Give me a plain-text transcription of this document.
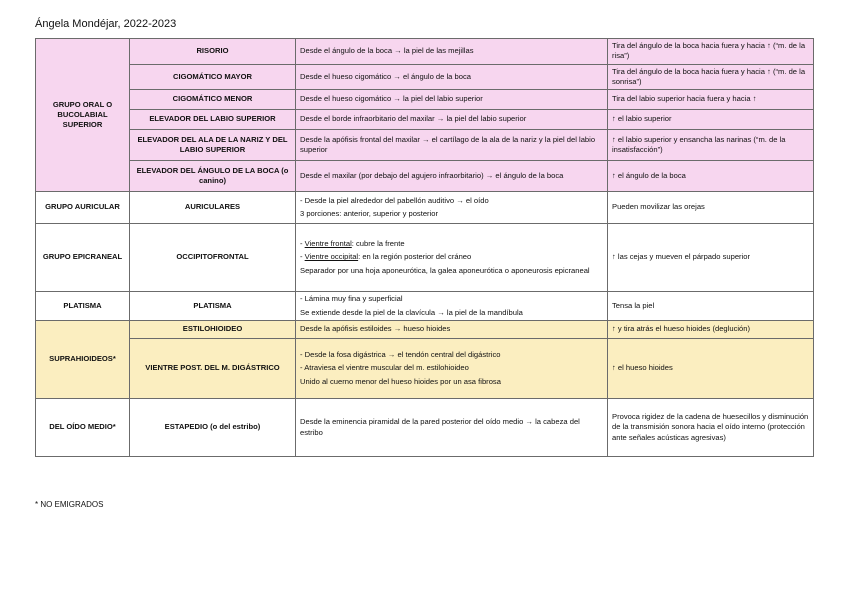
Ángela Mondéjar, 2022-2023
GRUPO ORAL O BUCOLABIAL SUPERIOR	RISORIO	Desde el ángulo de la boca → la piel de las mejillas	Tira del ángulo de la boca hacia fuera y hacia ↑ (“m. de la risa”)
	CIGOMÁTICO MAYOR	Desde el hueso cigomático → el ángulo de la boca	Tira del ángulo de la boca hacia fuera y hacia ↑ (“m. de la sonrisa”)
	CIGOMÁTICO MENOR	Desde el hueso cigomático → la piel del labio superior	Tira del labio superior hacia fuera y hacia ↑
	ELEVADOR DEL LABIO SUPERIOR	Desde el borde infraorbitario del maxilar → la piel del labio superior	↑ el labio superior
	ELEVADOR DEL ALA DE LA NARIZ Y DEL LABIO SUPERIOR	Desde la apófisis frontal del maxilar → el cartílago de la ala de la nariz y la piel del labio superior	↑ el labio superior y ensancha las narinas (“m. de la insatisfacción”)
	ELEVADOR DEL ÁNGULO DE LA BOCA (o canino)	Desde el maxilar (por debajo del agujero infraorbitario) → el ángulo de la boca	↑ el ángulo de la boca
GRUPO AURICULAR	AURICULARES	- Desde la piel alrededor del pabellón auditivo → el oído

3 porciones: anterior, superior y posterior	Pueden movilizar las orejas
GRUPO EPICRANEAL	OCCIPITOFRONTAL	- Vientre frontal: cubre la frente

- Vientre occipital: en la región posterior del cráneo

Separador por una hoja aponeurótica, la galea aponeurótica o aponeurosis epicraneal	↑ las cejas y mueven el párpado superior
PLATISMA	PLATISMA	- Lámina muy fina y superficial

Se extiende desde la piel de la clavícula → la piel de la mandíbula	Tensa la piel
SUPRAHIOIDEOS*	ESTILOHIOIDEO	Desde la apófisis estiloides → hueso hioides	↑ y tira atrás el hueso hioides (deglución)
	VIENTRE POST. DEL M. DIGÁSTRICO	- Desde la fosa digástrica → el tendón central del digástrico

- Atraviesa el vientre muscular del m. estilohioideo

Unido al cuerno menor del hueso hioides por un asa fibrosa	↑ el hueso hioides
DEL OÍDO MEDIO*	ESTAPEDIO (o del estribo)	Desde la eminencia piramidal de la pared posterior del oído medio → la cabeza del estribo	Provoca rigidez de la cadena de huesecillos y disminución de la transmisión sonora hacia el oído interno (protección ante señales acústicas agresivas)
* NO EMIGRADOS
